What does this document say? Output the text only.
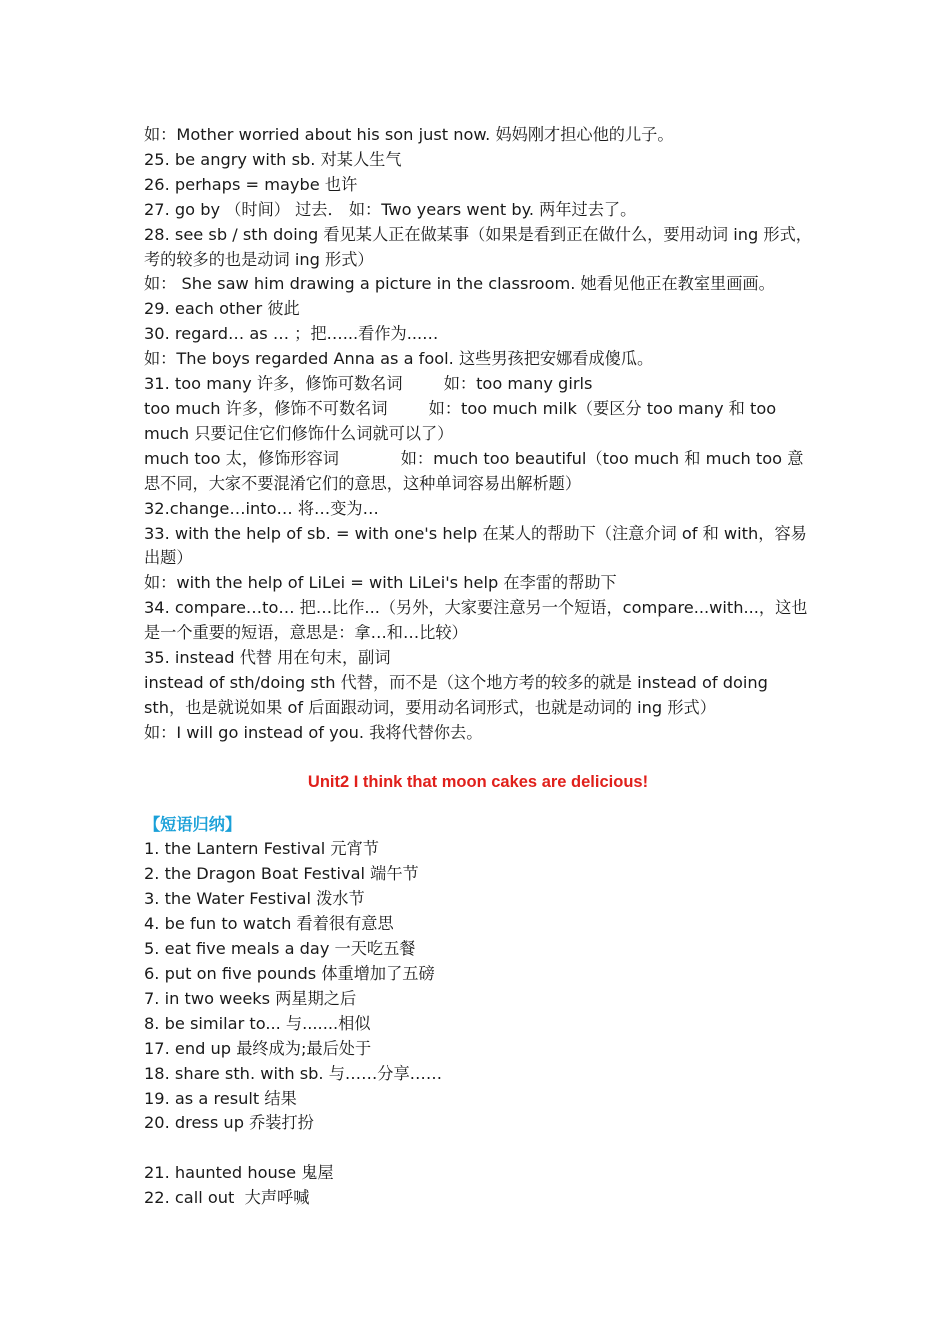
如：Mother worried about his son just now. 妈妈刚才担心他的儿子。
25. be angry with sb. 对某人生气
26. perhaps = maybe 也许
27. go by （时间） 过去． 如：Two years went by. 两年过去了。
28. see sb / sth doing 看见某人正在做某事（如果是看到正在做什么，要用动词 ing 形式，考的较多的也是动词 ing 形式）
如： She saw him drawing a picture in the classroom. 她看见他正在教室里画画。
29. each other 彼此
30. regard… as … ；把…...看作为...…
如：The boys regarded Anna as a fool. 这些男孩把安娜看成傻瓜。
31. too many 许多，修饰可数名词        如：too many girls
too much 许多，修饰不可数名词        如：too much milk（要区分 too many 和 too much 只要记住它们修饰什么词就可以了）
much too 太，修饰形容词            如：much too beautiful（too much 和 much too 意思不同，大家不要混淆它们的意思，这种单词容易出解析题）
32.change…into… 将…变为…
33. with the help of sb. = with one's help 在某人的帮助下（注意介词 of 和 with，容易出题）
如：with the help of LiLei = with LiLei's help 在李雷的帮助下
34. compare…to… 把…比作...（另外，大家要注意另一个短语，compare...with...，这也是一个重要的短语，意思是：拿…和…比较）
35. instead 代替 用在句末，副词
instead of sth/doing sth 代替，而不是（这个地方考的较多的就是 instead of doing sth，也是就说如果 of 后面跟动词，要用动名词形式，也就是动词的 ing 形式）
如：I will go instead of you. 我将代替你去。
Unit2 I think that moon cakes are delicious!
【短语归纳】
1. the Lantern Festival 元宵节
2. the Dragon Boat Festival 端午节
3. the Water Festival 泼水节
4. be fun to watch 看着很有意思
5. eat five meals a day 一天吃五餐
6. put on five pounds 体重增加了五磅
7. in two weeks 两星期之后
8. be similar to... 与.......相似
17. end up 最终成为;最后处于
18. share sth. with sb. 与……分享……
19. as a result 结果
20. dress up 乔装打扮
21. haunted house 鬼屋
22. call out  大声呼喊
